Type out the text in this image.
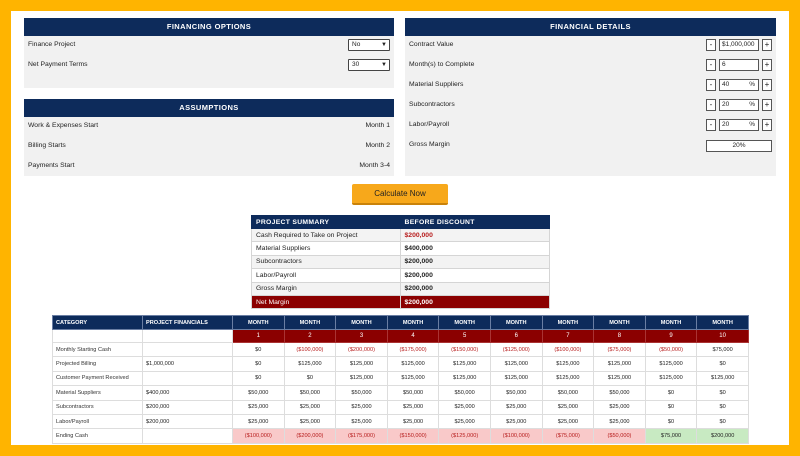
FINANCING OPTIONS
Finance Project	No	▼
Net Payment Terms	30	▼
ASSUMPTIONS
Work & Expenses Start	Month 1
Billing Starts	Month 2
Payments Start	Month 3-4
FINANCIAL DETAILS
Contract Value	-	$1,000,000	+
Month(s) to Complete	-	6	+
Material Suppliers	-	40	%	+
Subcontractors	-	20	%	+
Labor/Payroll	-	20	%	+
Gross Margin	20%
Calculate Now
PROJECT SUMMARY	BEFORE DISCOUNT
Cash Required to Take on Project	$200,000
Material Suppliers	$400,000
Subcontractors	$200,000
Labor/Payroll	$200,000
Gross Margin	$200,000
Net Margin	$200,000
CATEGORY	PROJECT FINANCIALS	MONTH	MONTH	MONTH	MONTH	MONTH	MONTH	MONTH	MONTH	MONTH	MONTH
		1	2	3	4	5	6	7	8	9	10
Monthly Starting Cash		$0	($100,000)	($200,000)	($175,000)	($150,000)	($125,000)	($100,000)	($75,000)	($50,000)	$75,000
Projected Billing	$1,000,000	$0	$125,000	$125,000	$125,000	$125,000	$125,000	$125,000	$125,000	$125,000	$0
Customer Payment Received		$0	$0	$125,000	$125,000	$125,000	$125,000	$125,000	$125,000	$125,000	$125,000
Material Suppliers	$400,000	$50,000	$50,000	$50,000	$50,000	$50,000	$50,000	$50,000	$50,000	$0	$0
Subcontractors	$200,000	$25,000	$25,000	$25,000	$25,000	$25,000	$25,000	$25,000	$25,000	$0	$0
Labor/Payroll	$200,000	$25,000	$25,000	$25,000	$25,000	$25,000	$25,000	$25,000	$25,000	$0	$0
Ending Cash		($100,000)	($200,000)	($175,000)	($150,000)	($125,000)	($100,000)	($75,000)	($50,000)	$75,000	$200,000
